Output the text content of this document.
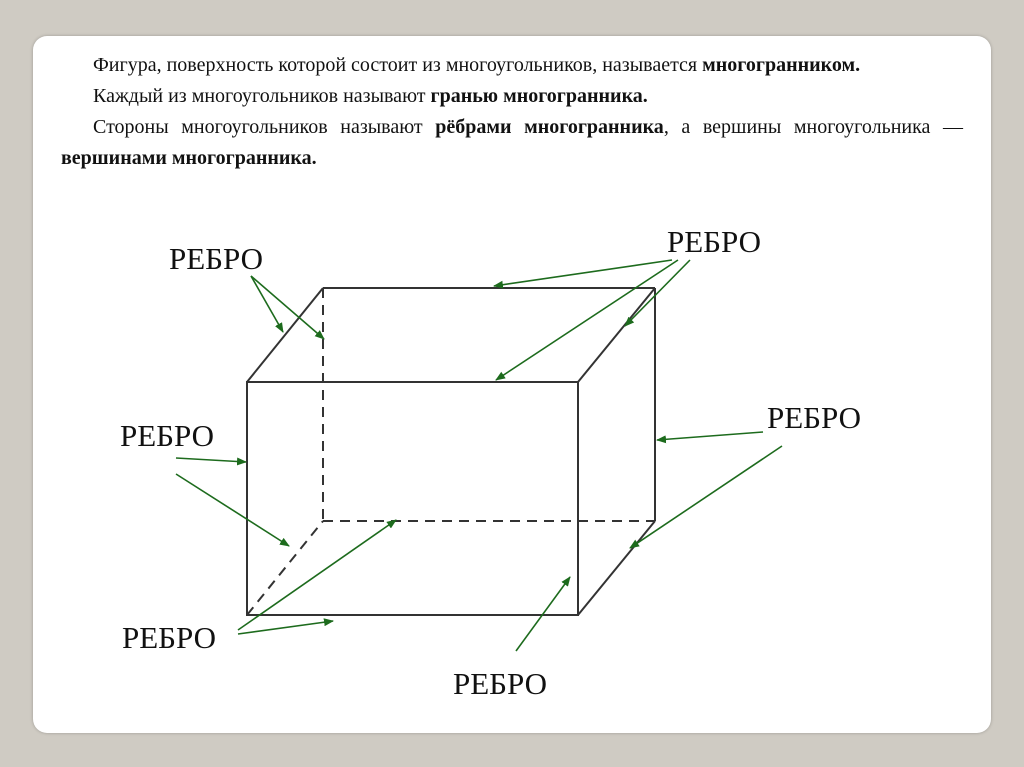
Фигура, поверхность которой состоит из многоугольников, называется многогранником.

Каждый из многоугольников называют гранью многогранника.

Стороны многоугольников называют рёбрами многогранника, а вершины многоугольника — вершинами многогранника.

РЕБРО	РЕБРО
РЕБРО
РЕБРО
РЕБРО
РЕБРО
